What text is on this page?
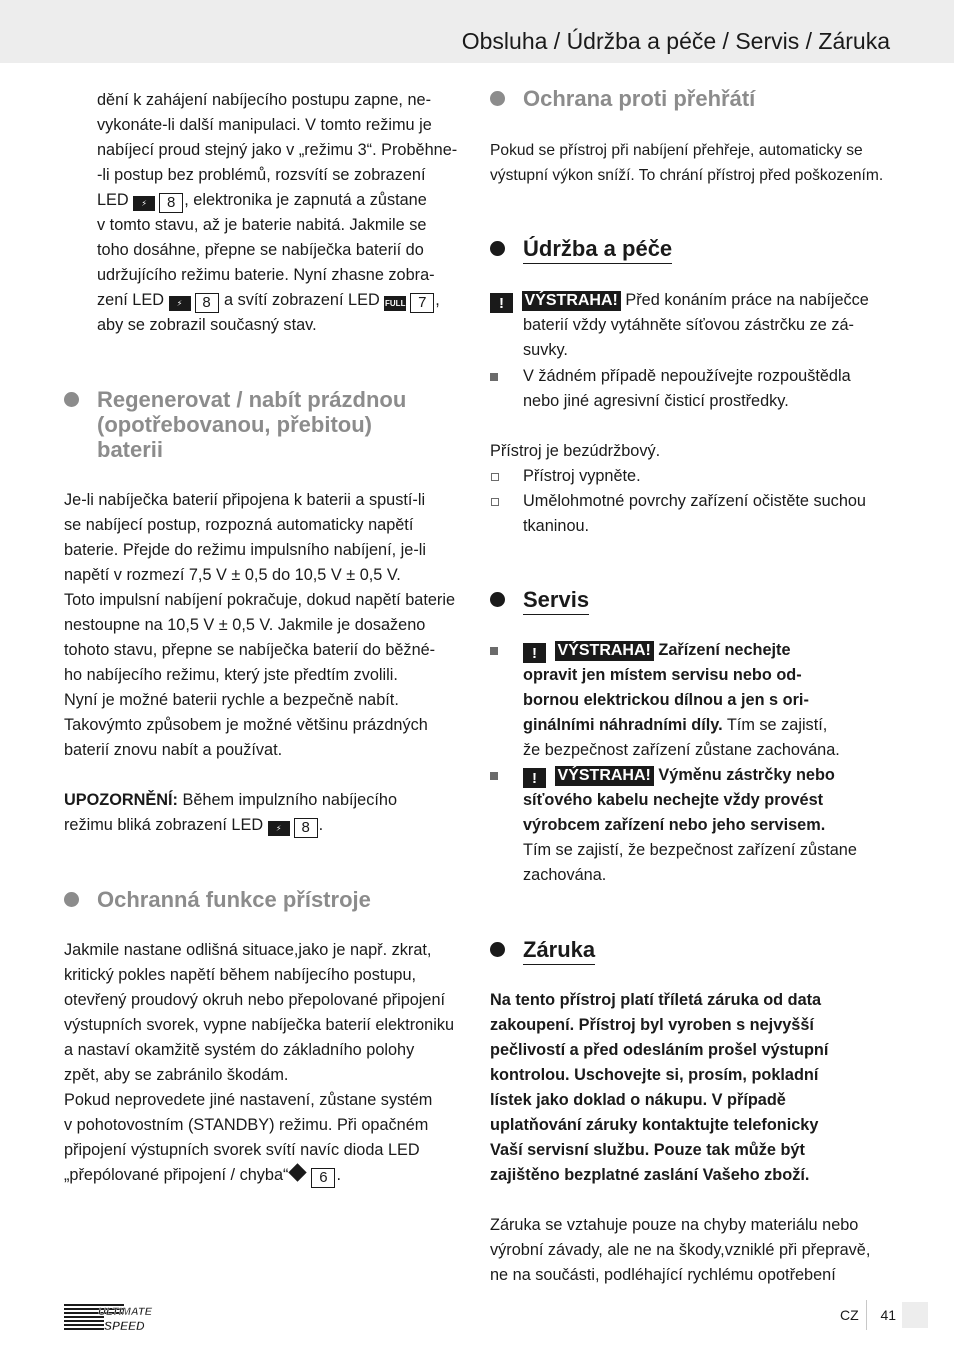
Obsluha / Údržba a péče / Servis / Záruka
dění k zahájení nabíjecího postupu zapne, ne-
vykonáte-li další manipulaci. V tomto režimu je
nabíjecí proud stejný jako v „režimu 3“. Proběhne-
-li postup bez problémů, rozsvítí se zobrazení
LED ⚡ 8 , elektronika je zapnutá a zůstane
v tomto stavu, až je baterie nabitá. Jakmile se
toho dosáhne, přepne se nabíječka baterií do
udržujícího režimu baterie. Nyní zhasne zobra-
zení LED ⚡ 8 a svítí zobrazení LED FULL 7 ,
aby se zobrazil současný stav.
Regenerovat / nabít prázdnou
(opotřebovanou, přebitou)
baterii
Je-li nabíječka baterií připojena k baterii a spustí-li
se nabíjecí postup, rozpozná automaticky napětí
baterie. Přejde do režimu impulsního nabíjení, je-li
napětí v rozmezí 7,5 V ± 0,5 do 10,5 V ± 0,5 V.
Toto impulsní nabíjení pokračuje, dokud napětí baterie
nestoupne na 10,5 V ± 0,5 V. Jakmile je dosaženo
tohoto stavu, přepne se nabíječka baterií do běžné-
ho nabíjecího režimu, který jste předtím zvolili.
Nyní je možné baterii rychle a bezpečně nabít.
Takovýmto způsobem je možné většinu prázdných
baterií znovu nabít a používat.
UPOZORNĚNÍ: Během impulzního nabíjecího
režimu bliká zobrazení LED ⚡ 8 .
Ochranná funkce přístroje
Jakmile nastane odlišná situace,jako je např. zkrat,
kritický pokles napětí během nabíjecího postupu,
otevřený proudový okruh nebo přepolované připojení
výstupních svorek, vypne nabíječka baterií elektroniku
a nastaví okamžitě systém do základního polohy
zpět, aby se zabránilo škodám.
Pokud neprovedete jiné nastavení, zůstane systém
v pohotovostním (STANDBY) režimu. Při opačném
připojení výstupních svorek svítí navíc dioda LED
„přepólované připojení / chyba“ 6 .
Ochrana proti přehřátí
Pokud se přístroj při nabíjení přehřeje, automaticky se
výstupní výkon sníží. To chrání přístroj před poškozením.
Údržba a péče
! VÝSTRAHA! Před konáním práce na nabíječce
baterií vždy vytáhněte síťovou zástrčku ze zá-
suvky.
V žádném případě nepoužívejte rozpouštědla
nebo jiné agresivní čisticí prostředky.
Přístroj je bezúdržbový.
Přístroj vypněte.
Umělohmotné povrchy zařízení očistěte suchou
tkaninou.
Servis
! VÝSTRAHA! Zařízení nechejte
opravit jen místem servisu nebo od-
bornou elektrickou dílnou a jen s ori-
ginálními náhradními díly. Tím se zajistí,
že bezpečnost zařízení zůstane zachována.
! VÝSTRAHA! Výměnu zástrčky nebo
síťového kabelu nechejte vždy provést
výrobcem zařízení nebo jeho servisem.
Tím se zajistí, že bezpečnost zařízení zůstane
zachována.
Záruka
Na tento přístroj platí tříletá záruka od data
zakoupení. Přístroj byl vyroben s nejvyšší
pečlivostí a před odesláním prošel výstupní
kontrolou. Uschovejte si, prosím, pokladní
lístek jako doklad o nákupu. V případě
uplatňování záruky kontaktujte telefonicky
Vaší servisní službu. Pouze tak může být
zajištěno bezplatné zaslání Vašeho zboží.
Záruka se vztahuje pouze na chyby materiálu nebo
výrobní závady, ale ne na škody,vzniklé při přepravě,
ne na součásti, podléhající rychlému opotřebení
ULTIMATE
SPEED
CZ 41
